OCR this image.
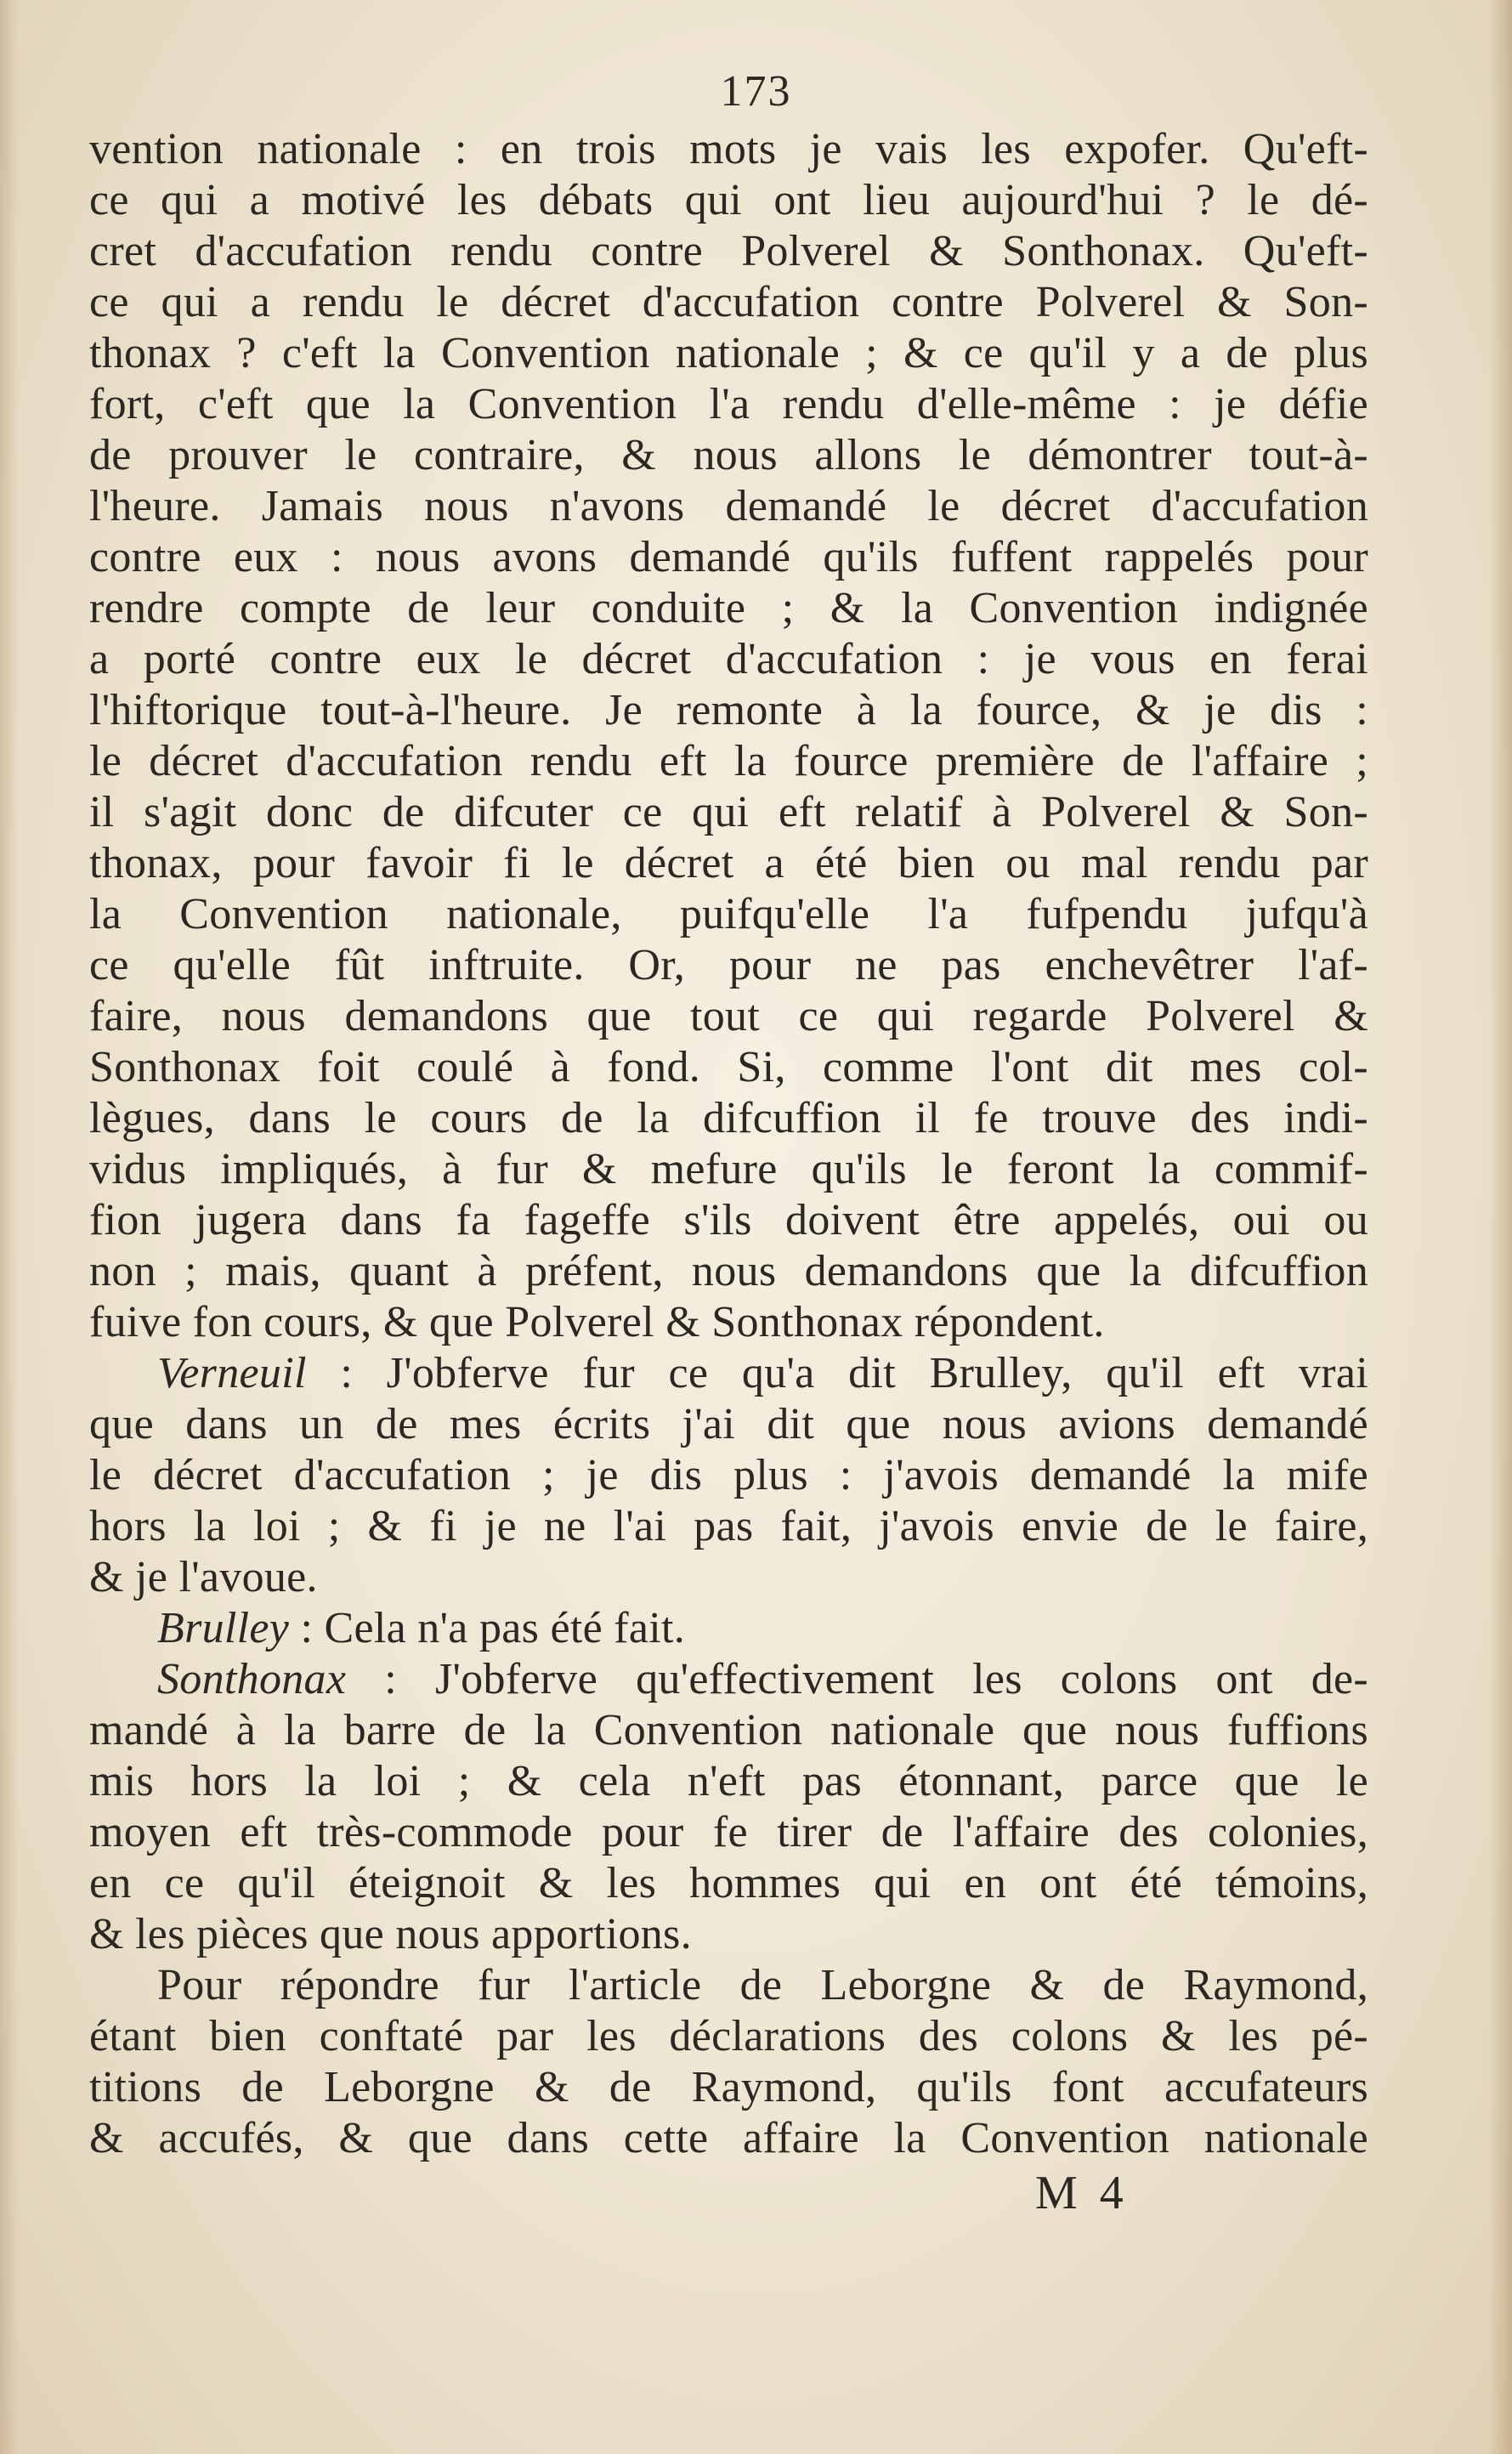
173
vention nationale : en trois mots je vais les expofer. Qu'eft-
ce qui a motivé les débats qui ont lieu aujourd'hui ? le dé-
cret d'accufation rendu contre Polverel & Sonthonax. Qu'eft-
ce qui a rendu le décret d'accufation contre Polverel & Son-
thonax ? c'eft la Convention nationale ; & ce qu'il y a de plus
fort, c'eft que la Convention l'a rendu d'elle-même : je défie
de prouver le contraire, & nous allons le démontrer tout-à-
l'heure. Jamais nous n'avons demandé le décret d'accufation
contre eux : nous avons demandé qu'ils fuffent rappelés pour
rendre compte de leur conduite ; & la Convention indignée
a porté contre eux le décret d'accufation : je vous en ferai
l'hiftorique tout-à-l'heure. Je remonte à la fource, & je dis :
le décret d'accufation rendu eft la fource première de l'affaire ;
il s'agit donc de difcuter ce qui eft relatif à Polverel & Son-
thonax, pour favoir fi le décret a été bien ou mal rendu par
la Convention nationale, puifqu'elle l'a fufpendu jufqu'à
ce qu'elle fût inftruite. Or, pour ne pas enchevêtrer l'af-
faire, nous demandons que tout ce qui regarde Polverel &
Sonthonax foit coulé à fond. Si, comme l'ont dit mes col-
lègues, dans le cours de la difcuffion il fe trouve des indi-
vidus impliqués, à fur & mefure qu'ils le feront la commif-
fion jugera dans fa fageffe s'ils doivent être appelés, oui ou
non ; mais, quant à préfent, nous demandons que la difcuffion
fuive fon cours, & que Polverel & Sonthonax répondent.
Verneuil : J'obferve fur ce qu'a dit Brulley, qu'il eft vrai
que dans un de mes écrits j'ai dit que nous avions demandé
le décret d'accufation ; je dis plus : j'avois demandé la mife
hors la loi ; & fi je ne l'ai pas fait, j'avois envie de le faire,
& je l'avoue.
Brulley : Cela n'a pas été fait.
Sonthonax : J'obferve qu'effectivement les colons ont de-
mandé à la barre de la Convention nationale que nous fuffions
mis hors la loi ; & cela n'eft pas étonnant, parce que le
moyen eft très-commode pour fe tirer de l'affaire des colonies,
en ce qu'il éteignoit & les hommes qui en ont été témoins,
& les pièces que nous apportions.
Pour répondre fur l'article de Leborgne & de Raymond,
étant bien conftaté par les déclarations des colons & les pé-
titions de Leborgne & de Raymond, qu'ils font accufateurs
& accufés, & que dans cette affaire la Convention nationale
M 4
